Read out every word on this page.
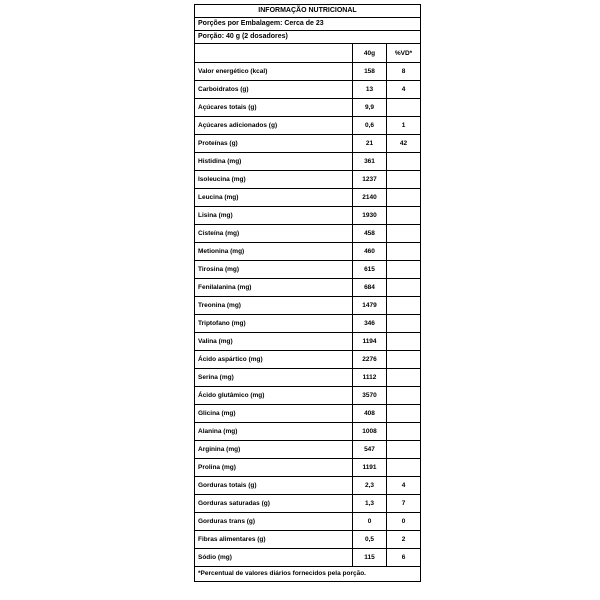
INFORMAÇÃO NUTRICIONAL
Porções por Embalagem: Cerca de 23
Porção: 40 g (2 dosadores)
	40g	%VD*
Valor energético (kcal)	158	8
Carboidratos (g)	13	4
Açúcares totais (g)	9,9	
Açúcares adicionados (g)	0,6	1
Proteínas (g)	21	42
Histidina (mg)	361	
Isoleucina (mg)	1237	
Leucina (mg)	2140	
Lisina (mg)	1930	
Cisteína (mg)	458	
Metionina (mg)	460	
Tirosina (mg)	615	
Fenilalanina (mg)	684	
Treonina (mg)	1479	
Triptofano (mg)	346	
Valina (mg)	1194	
Ácido aspártico (mg)	2276	
Serina (mg)	1112	
Ácido glutâmico (mg)	3570	
Glicina (mg)	408	
Alanina (mg)	1008	
Arginina (mg)	547	
Prolina (mg)	1191	
Gorduras totais (g)	2,3	4
Gorduras saturadas (g)	1,3	7
Gorduras trans (g)	0	0
Fibras alimentares (g)	0,5	2
Sódio (mg)	115	6
*Percentual de valores diários fornecidos pela porção.
